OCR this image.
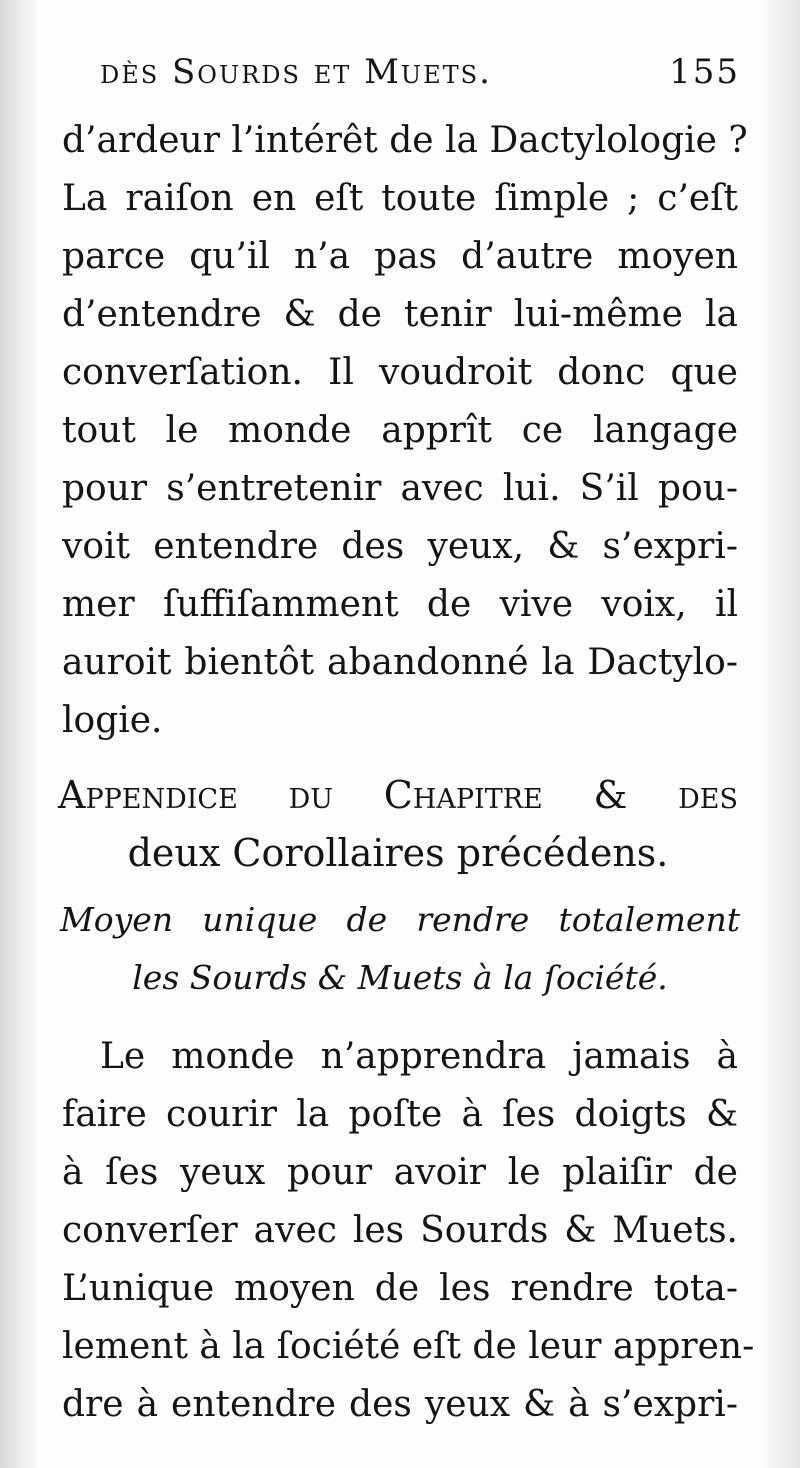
dès Sourds et Muets.	155
d’ardeur l’intérêt de la Dactylologie ?
La raiſon en eſt toute ſimple ; c’eſt
parce qu’il n’a pas d’autre moyen
d’entendre & de tenir lui-même la
converſation. Il voudroit donc que
tout le monde apprît ce langage
pour s’entretenir avec lui. S’il pou-
voit entendre des yeux, & s’expri-
mer ſuffiſamment de vive voix, il
auroit bientôt abandonné la Dactylo-
logie.
Appendice du Chapitre & des
deux Corollaires précédens.
Moyen unique de rendre totalement
les Sourds & Muets à la ſociété.
Le monde n’apprendra jamais à
faire courir la poſte à ſes doigts &
à ſes yeux pour avoir le plaiſir de
converſer avec les Sourds & Muets.
L’unique moyen de les rendre tota-
lement à la ſociété eſt de leur appren-
dre à entendre des yeux & à s’expri-
